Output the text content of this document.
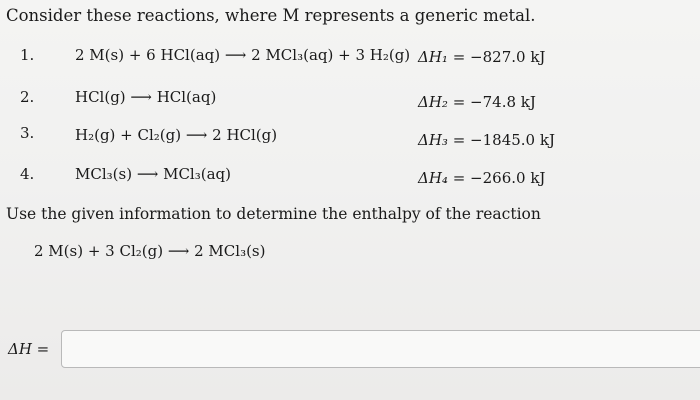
Consider these reactions, where M represents a generic metal.
1.	2 M(s) + 6 HCl(aq) ⟶ 2 MCl₃(aq) + 3 H₂(g) ΔH₁ = −827.0 kJ
2.	HCl(g) ⟶ HCl(aq)	ΔH₂ = −74.8 kJ
3.	H₂(g) + Cl₂(g) ⟶ 2 HCl(g)	ΔH₃ = −1845.0 kJ
4.	MCl₃(s) ⟶ MCl₃(aq)	ΔH₄ = −266.0 kJ
Use the given information to determine the enthalpy of the reaction
2 M(s) + 3 Cl₂(g) ⟶ 2 MCl₃(s)
ΔH =
